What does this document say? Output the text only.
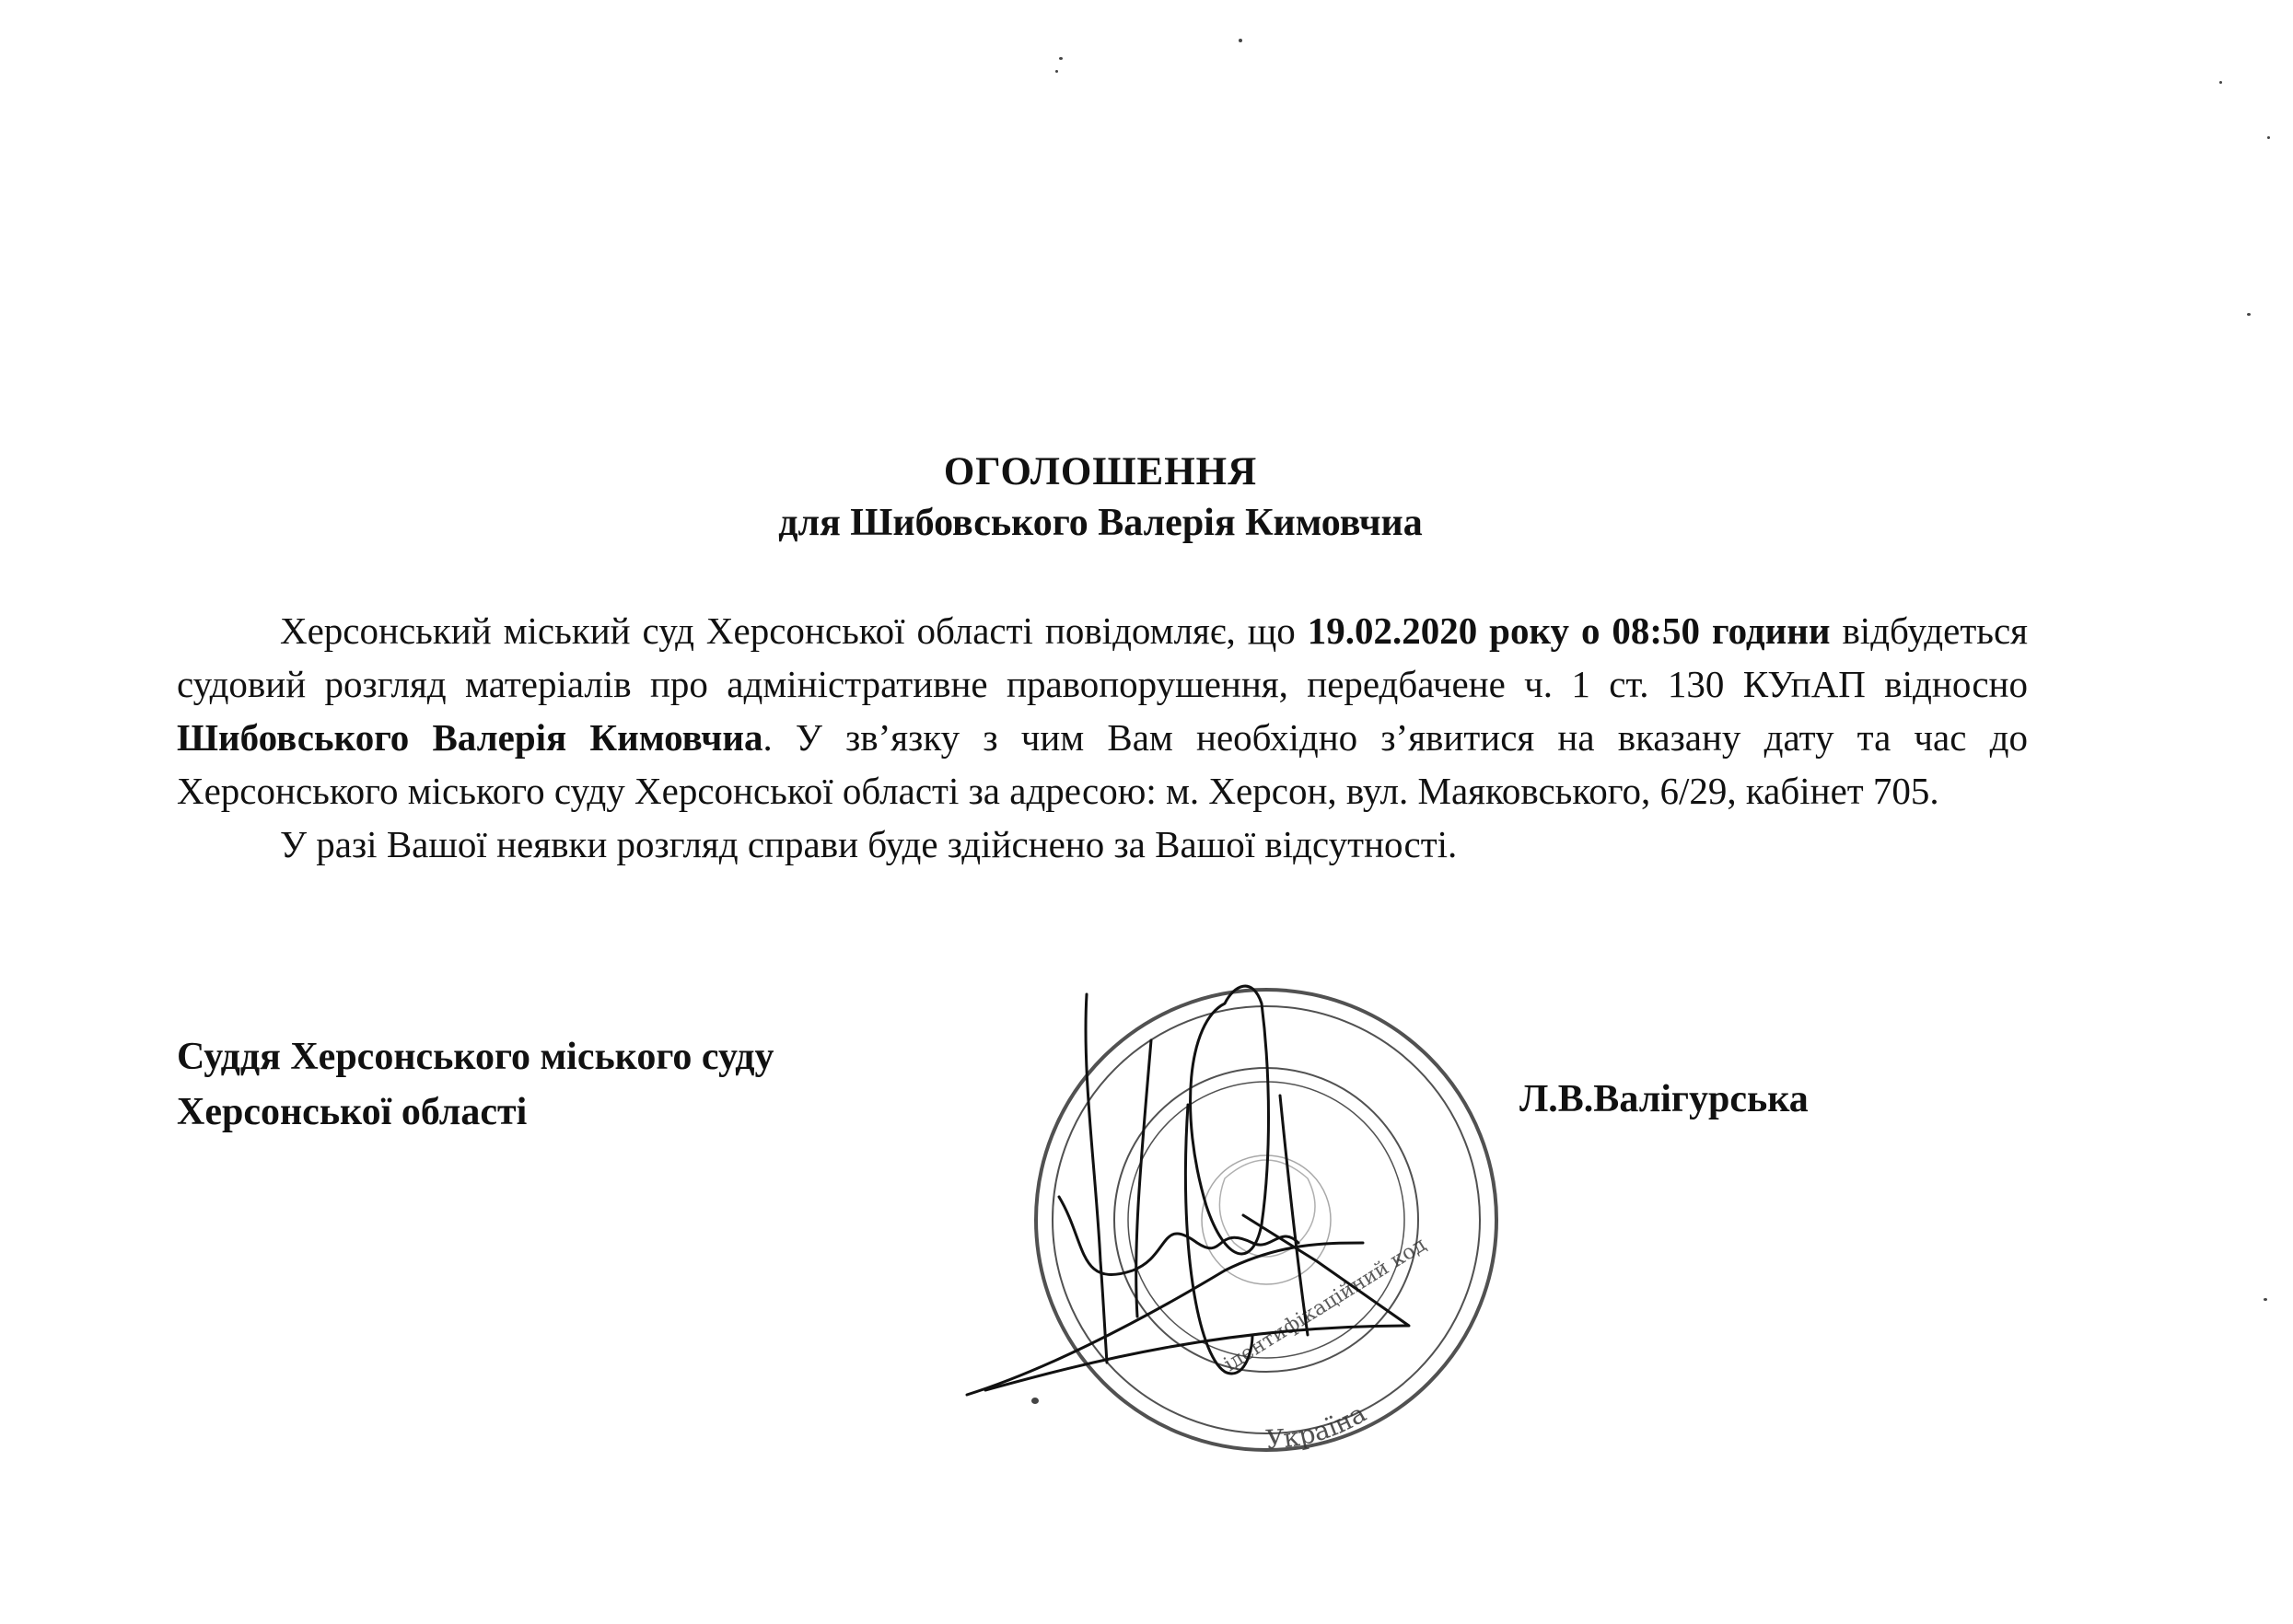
ОГОЛОШЕННЯ
для Шибовського Валерія Кимовчиа

Херсонський міський суд Херсонської області повідомляє, що 19.02.2020 року о 08:50 години відбудеться судовий розгляд матеріалів про адміністративне правопорушення, передбачене ч. 1 ст. 130 КУпАП відносно Шибовського Валерія Кимовчиа. У зв’язку з чим Вам необхідно з’явитися на вказану дату та час до Херсонського міського суду Херсонської області за адресою: м. Херсон, вул. Маяковського, 6/29, кабінет 705.

У разі Вашої неявки розгляд справи буде здійснено за Вашої відсутності.

Суддя Херсонського міського суду
Херсонської області	Л.В.Валігурська
Україна
ідентифікаційний код
